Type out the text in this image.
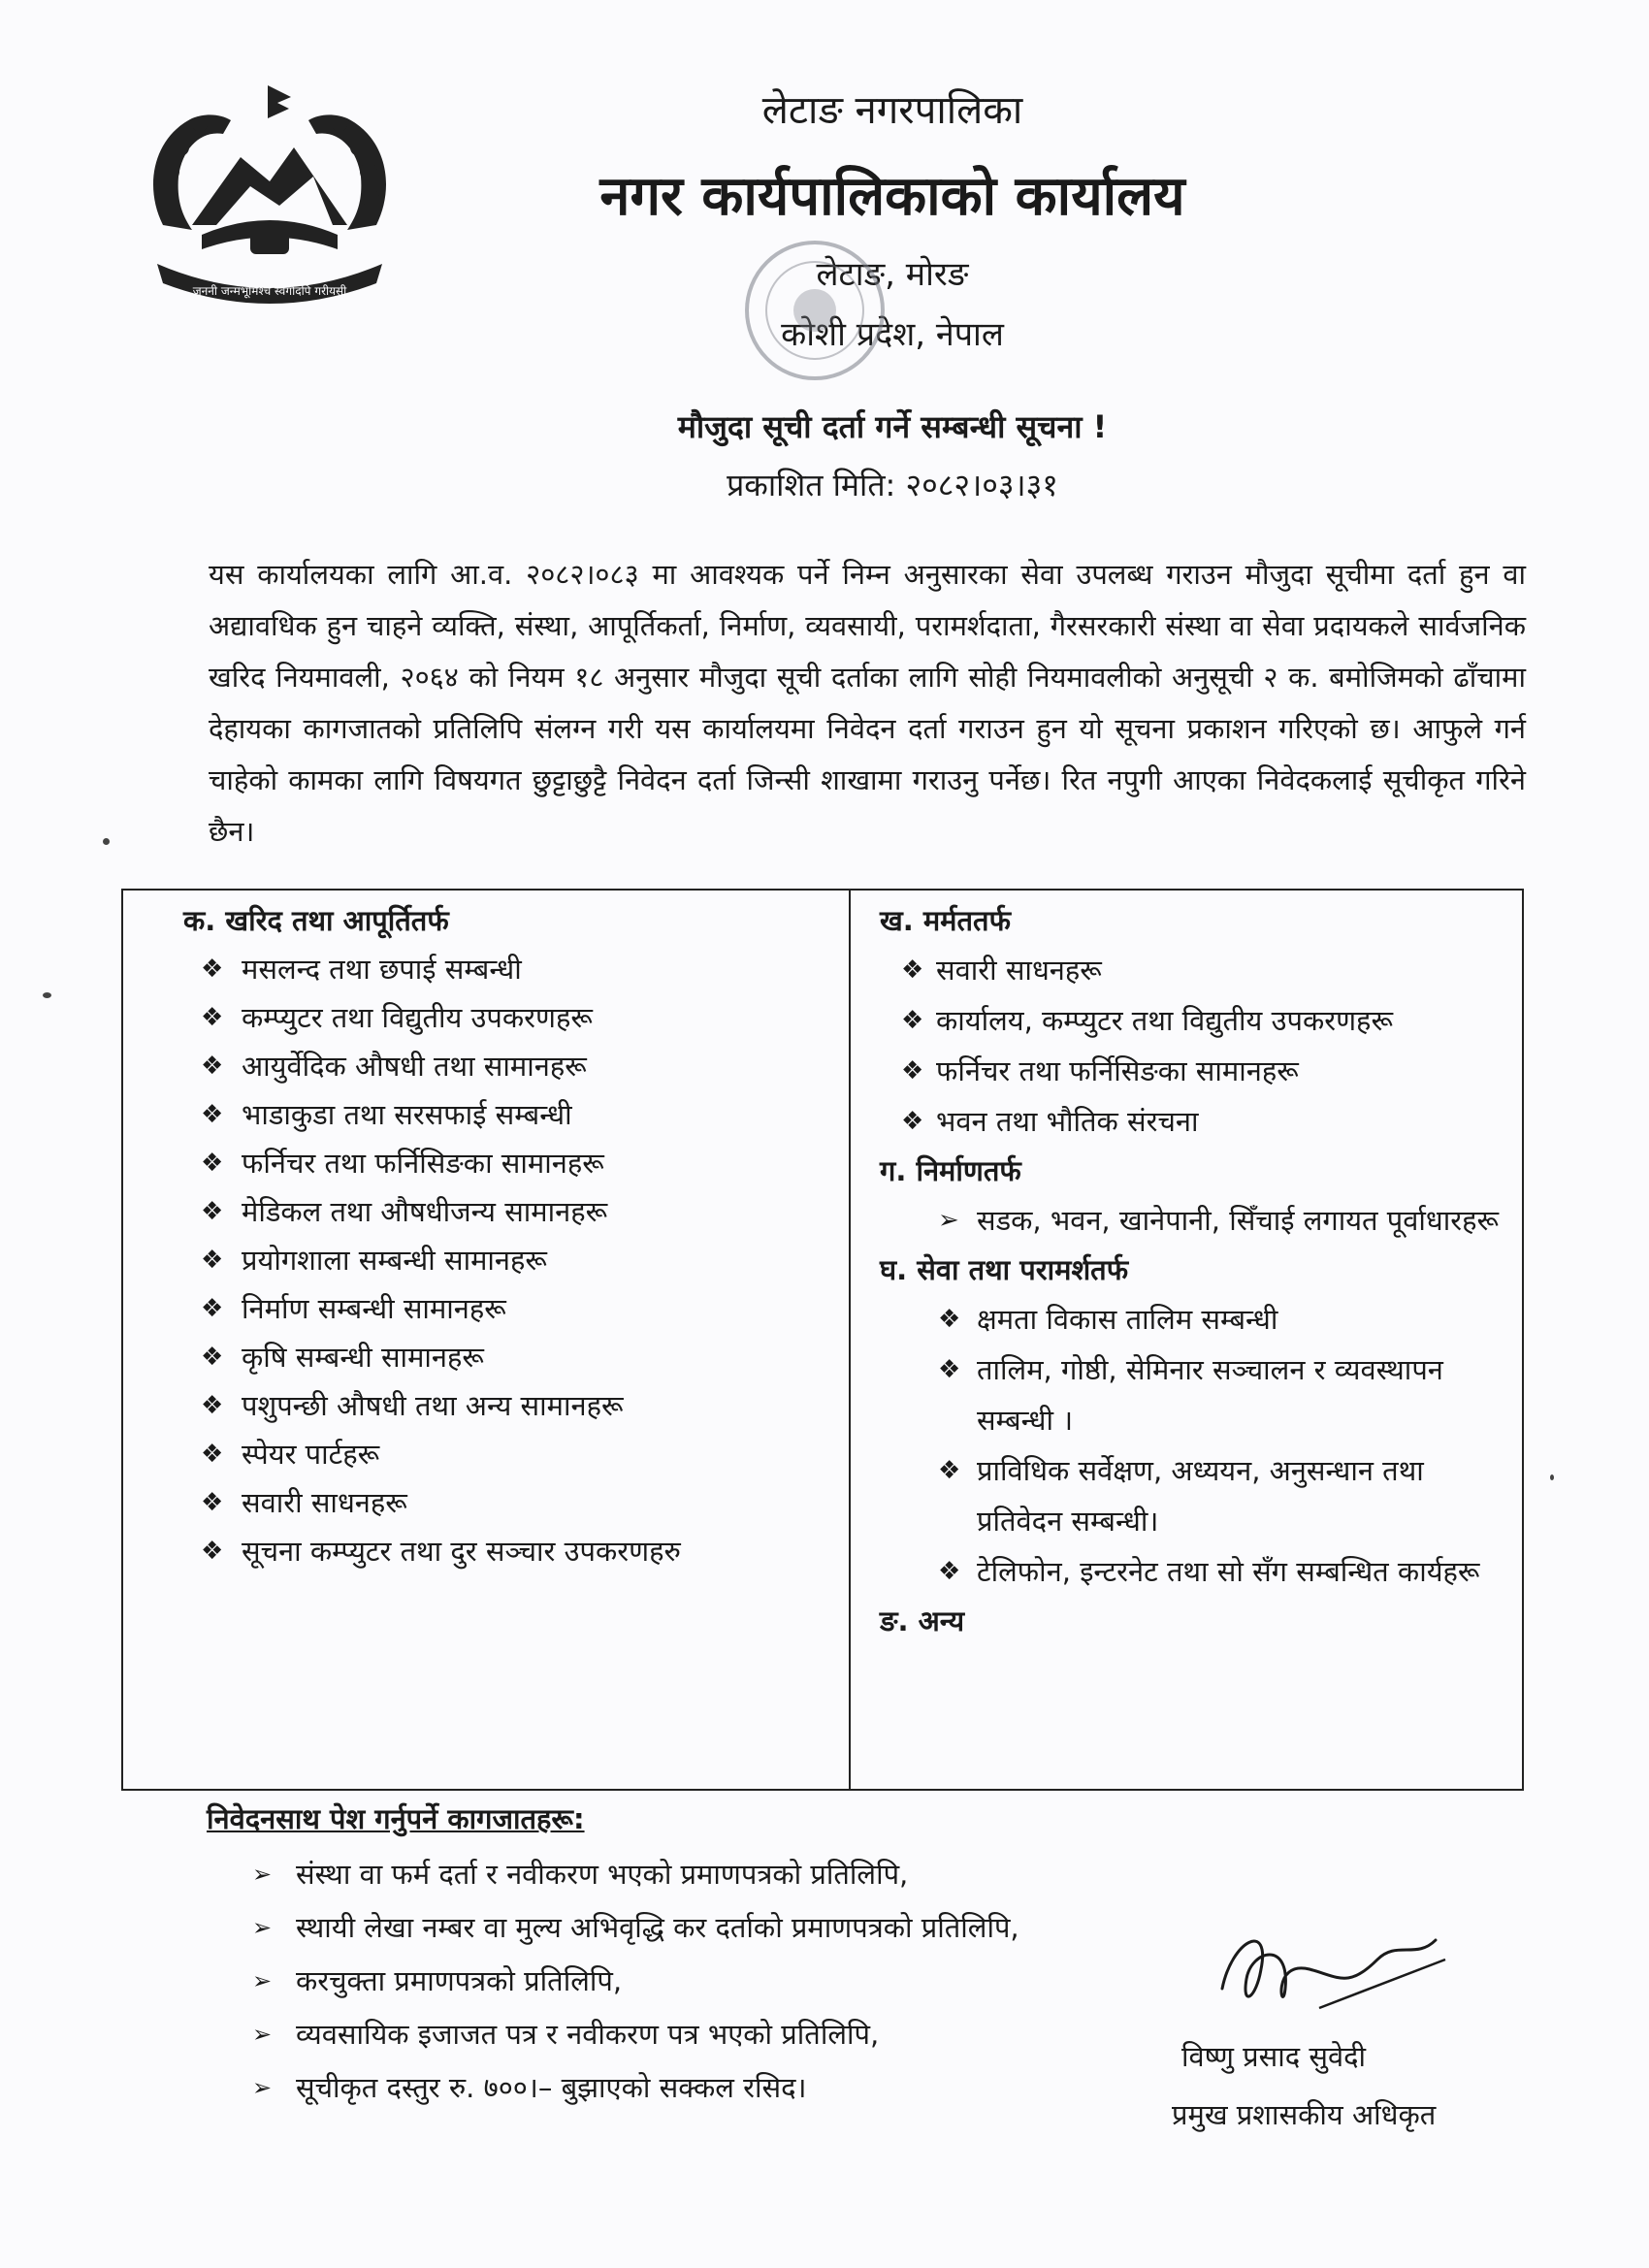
जननी जन्मभूमिश्च स्वर्गादपि गरीयसी
लेटाङ नगरपालिका
नगर कार्यपालिकाको कार्यालय
लेटाङ, मोरङ
कोशी प्रदेश, नेपाल
मौजुदा सूची दर्ता गर्ने सम्बन्धी सूचना !
प्रकाशित मिति: २०८२।०३।३१
यस कार्यालयका लागि आ.व. २०८२।०८३ मा आवश्यक पर्ने निम्न अनुसारका सेवा उपलब्ध गराउन मौजुदा सूचीमा दर्ता हुन वा अद्यावधिक हुन चाहने व्यक्ति, संस्था, आपूर्तिकर्ता, निर्माण, व्यवसायी, परामर्शदाता, गैरसरकारी संस्था वा सेवा प्रदायकले सार्वजनिक खरिद नियमावली, २०६४ को नियम १८ अनुसार मौजुदा सूची दर्ताका लागि सोही नियमावलीको अनुसूची २ क. बमोजिमको ढाँचामा देहायका कागजातको प्रतिलिपि संलग्न गरी यस कार्यालयमा निवेदन दर्ता गराउन हुन यो सूचना प्रकाशन गरिएको छ। आफुले गर्न चाहेको कामका लागि विषयगत छुट्टाछुट्टै निवेदन दर्ता जिन्सी शाखामा गराउनु पर्नेछ। रित नपुगी आएका निवेदकलाई सूचीकृत गरिने छैन।
क. खरिद तथा आपूर्तितर्फ
❖ मसलन्द तथा छपाई सम्बन्धी
❖ कम्प्युटर तथा विद्युतीय उपकरणहरू
❖ आयुर्वेदिक औषधी तथा सामानहरू
❖ भाडाकुडा तथा सरसफाई सम्बन्धी
❖ फर्निचर तथा फर्निसिङका सामानहरू
❖ मेडिकल तथा औषधीजन्य सामानहरू
❖ प्रयोगशाला सम्बन्धी सामानहरू
❖ निर्माण सम्बन्धी सामानहरू
❖ कृषि सम्बन्धी सामानहरू
❖ पशुपन्छी औषधी तथा अन्य सामानहरू
❖ स्पेयर पार्टहरू
❖ सवारी साधनहरू
❖ सूचना कम्प्युटर तथा दुर सञ्चार उपकरणहरु
ख. मर्मततर्फ
❖ सवारी साधनहरू
❖ कार्यालय, कम्प्युटर तथा विद्युतीय उपकरणहरू
❖ फर्निचर तथा फर्निसिङका सामानहरू
❖ भवन तथा भौतिक संरचना
ग. निर्माणतर्फ
➢ सडक, भवन, खानेपानी, सिँचाई लगायत पूर्वाधारहरू
घ. सेवा तथा परामर्शतर्फ
❖ क्षमता विकास तालिम सम्बन्धी
❖ तालिम, गोष्ठी, सेमिनार सञ्चालन र व्यवस्थापन सम्बन्धी ।
❖ प्राविधिक सर्वेक्षण, अध्ययन, अनुसन्धान तथा प्रतिवेदन सम्बन्धी।
❖ टेलिफोन, इन्टरनेट तथा सो सँग सम्बन्धित कार्यहरू
ङ. अन्य
निवेदनसाथ पेश गर्नुपर्ने कागजातहरू:
➢ संस्था वा फर्म दर्ता र नवीकरण भएको प्रमाणपत्रको प्रतिलिपि,
➢ स्थायी लेखा नम्बर वा मुल्य अभिवृद्धि कर दर्ताको प्रमाणपत्रको प्रतिलिपि,
➢ करचुक्ता प्रमाणपत्रको प्रतिलिपि,
➢ व्यवसायिक इजाजत पत्र र नवीकरण पत्र भएको प्रतिलिपि,
➢ सूचीकृत दस्तुर रु. ७००।– बुझाएको सक्कल रसिद।
विष्णु प्रसाद सुवेदी
प्रमुख प्रशासकीय अधिकृत
